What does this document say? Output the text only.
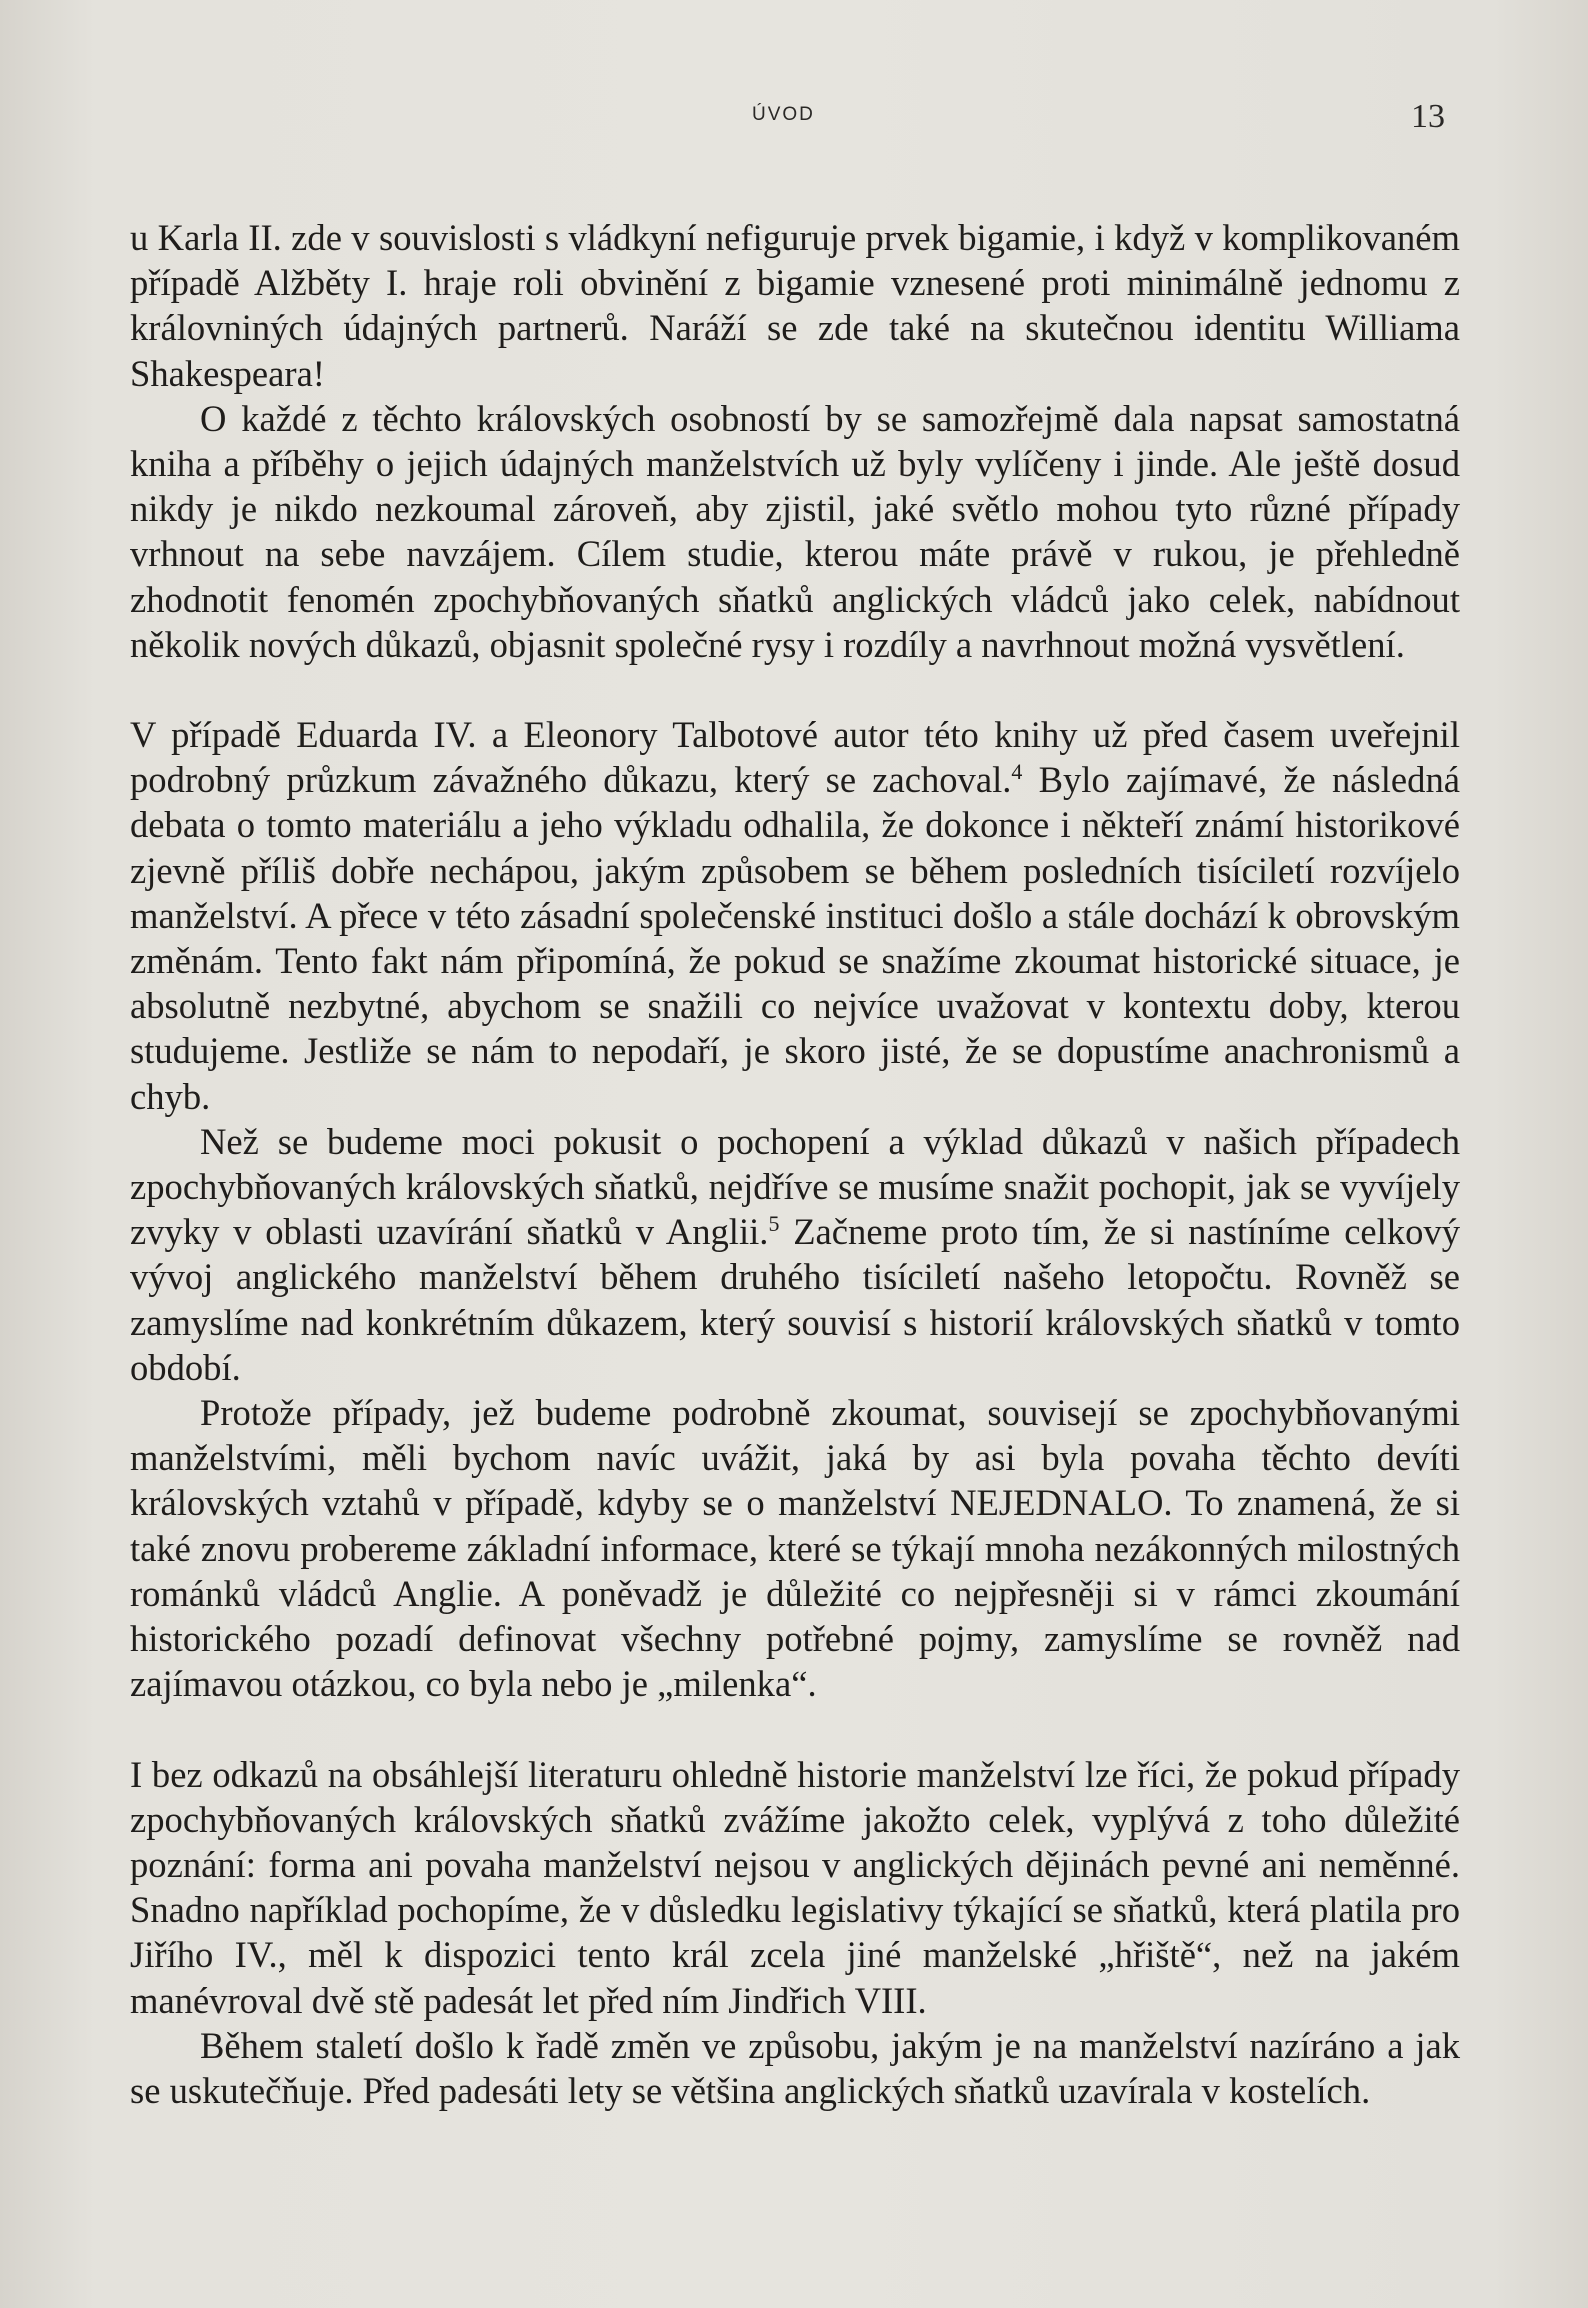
ÚVOD	13

u Karla II. zde v souvislosti s vládkyní nefiguruje prvek bigamie, i když v komplikovaném případě Alžběty I. hraje roli obvinění z bigamie vznesené proti minimálně jednomu z královniných údajných partnerů. Naráží se zde také na skutečnou identitu Williama Shakespeara!

O každé z těchto královských osobností by se samozřejmě dala napsat samostatná kniha a příběhy o jejich údajných manželstvích už byly vylíčeny i jinde. Ale ještě dosud nikdy je nikdo nezkoumal zároveň, aby zjistil, jaké světlo mohou tyto různé případy vrhnout na sebe navzájem. Cílem studie, kterou máte právě v rukou, je přehledně zhodnotit fenomén zpochybňovaných sňatků anglických vládců jako celek, nabídnout několik nových důkazů, objasnit společné rysy i rozdíly a navrhnout možná vysvětlení.

V případě Eduarda IV. a Eleonory Talbotové autor této knihy už před časem uveřejnil podrobný průzkum závažného důkazu, který se zachoval.$^4$ Bylo zajímavé, že následná debata o tomto materiálu a jeho výkladu odhalila, že dokonce i někteří známí historikové zjevně příliš dobře nechápou, jakým způsobem se během posledních tisíciletí rozvíjelo manželství. A přece v této zásadní společenské instituci došlo a stále dochází k obrovským změnám. Tento fakt nám připomíná, že pokud se snažíme zkoumat historické situace, je absolutně nezbytné, abychom se snažili co nejvíce uvažovat v kontextu doby, kterou studujeme. Jestliže se nám to nepodaří, je skoro jisté, že se dopustíme anachronismů a chyb.

Než se budeme moci pokusit o pochopení a výklad důkazů v našich případech zpochybňovaných královských sňatků, nejdříve se musíme snažit pochopit, jak se vyvíjely zvyky v oblasti uzavírání sňatků v Anglii.$^5$ Začneme proto tím, že si nastíníme celkový vývoj anglického manželství během druhého tisíciletí našeho letopočtu. Rovněž se zamyslíme nad konkrétním důkazem, který souvisí s historií královských sňatků v tomto období.

Protože případy, jež budeme podrobně zkoumat, souvisejí se zpochybňovanými manželstvími, měli bychom navíc uvážit, jaká by asi byla povaha těchto devíti královských vztahů v případě, kdyby se o manželství NEJEDNALO. To znamená, že si také znovu probereme základní informace, které se týkají mnoha nezákonných milostných románků vládců Anglie. A poněvadž je důležité co nejpřesněji si v rámci zkoumání historického pozadí definovat všechny potřebné pojmy, zamyslíme se rovněž nad zajímavou otázkou, co byla nebo je „milenka“.

I bez odkazů na obsáhlejší literaturu ohledně historie manželství lze říci, že pokud případy zpochybňovaných královských sňatků zvážíme jakožto celek, vyplývá z toho důležité poznání: forma ani povaha manželství nejsou v anglických dějinách pevné ani neměnné. Snadno například pochopíme, že v důsledku legislativy týkající se sňatků, která platila pro Jiřího IV., měl k dispozici tento král zcela jiné manželské „hřiště“, než na jakém manévroval dvě stě padesát let před ním Jindřich VIII.

Během staletí došlo k řadě změn ve způsobu, jakým je na manželství nazíráno a jak se uskutečňuje. Před padesáti lety se většina anglických sňatků uzavírala v kostelích.
